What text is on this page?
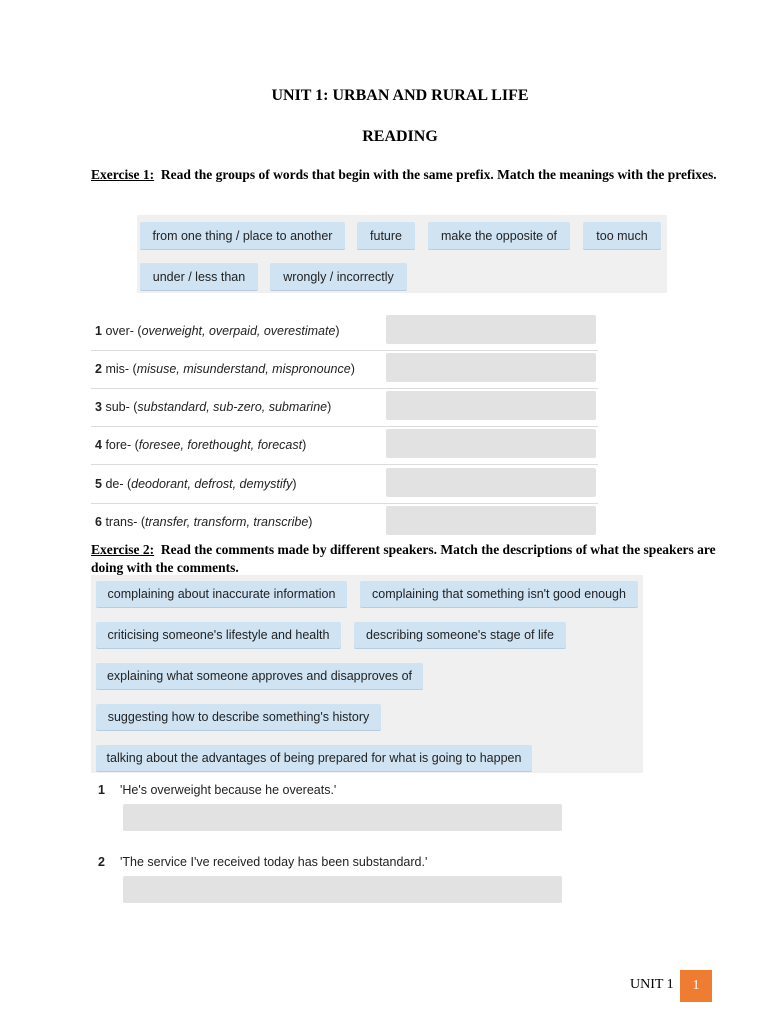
UNIT 1: URBAN AND RURAL LIFE
READING
Exercise 1: Read the groups of words that begin with the same prefix. Match the meanings with the prefixes.
from one thing / place to another	future	make the opposite of	too much
under / less than	wrongly / incorrectly
1 over- (overweight, overpaid, overestimate)
2 mis- (misuse, misunderstand, mispronounce)
3 sub- (substandard, sub-zero, submarine)
4 fore- (foresee, forethought, forecast)
5 de- (deodorant, defrost, demystify)
6 trans- (transfer, transform, transcribe)
Exercise 2: Read the comments made by different speakers. Match the descriptions of what the speakers are doing with the comments.
complaining about inaccurate information	complaining that something isn't good enough
criticising someone's lifestyle and health	describing someone's stage of life
explaining what someone approves and disapproves of
suggesting how to describe something's history
talking about the advantages of being prepared for what is going to happen
1 'He's overweight because he overeats.'
2 'The service I've received today has been substandard.'
UNIT 1	1
